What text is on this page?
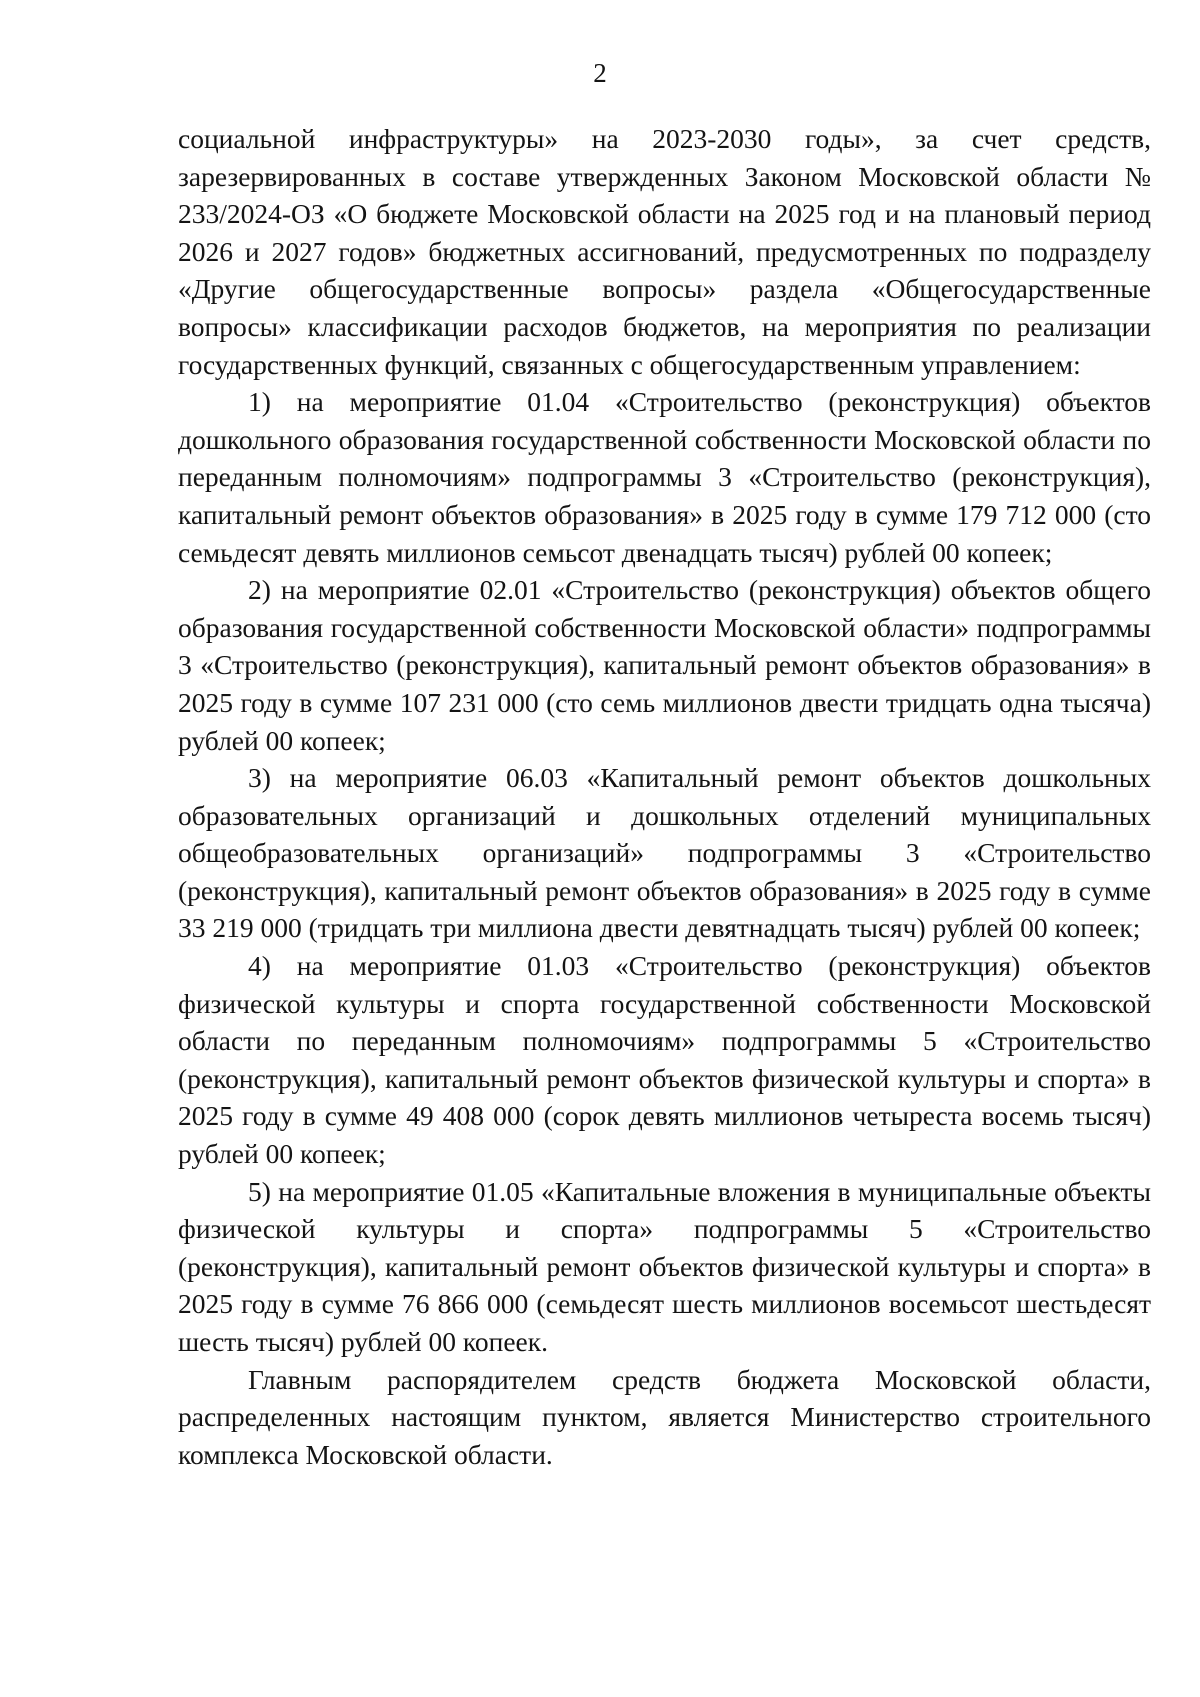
2

социальной инфраструктуры» на 2023-2030 годы», за счет средств, зарезервированных в составе утвержденных Законом Московской области № 233/2024-ОЗ «О бюджете Московской области на 2025 год и на плановый период 2026 и 2027 годов» бюджетных ассигнований, предусмотренных по подразделу «Другие общегосударственные вопросы» раздела «Общегосударственные вопросы» классификации расходов бюджетов, на мероприятия по реализации государственных функций, связанных с общегосударственным управлением:

1) на мероприятие 01.04 «Строительство (реконструкция) объектов дошкольного образования государственной собственности Московской области по переданным полномочиям» подпрограммы 3 «Строительство (реконструкция), капитальный ремонт объектов образования» в 2025 году в сумме 179 712 000 (сто семьдесят девять миллионов семьсот двенадцать тысяч) рублей 00 копеек;

2) на мероприятие 02.01 «Строительство (реконструкция) объектов общего образования государственной собственности Московской области» подпрограммы 3 «Строительство (реконструкция), капитальный ремонт объектов образования» в 2025 году в сумме 107 231 000 (сто семь миллионов двести тридцать одна тысяча) рублей 00 копеек;

3) на мероприятие 06.03 «Капитальный ремонт объектов дошкольных образовательных организаций и дошкольных отделений муниципальных общеобразовательных организаций» подпрограммы 3 «Строительство (реконструкция), капитальный ремонт объектов образования» в 2025 году в сумме 33 219 000 (тридцать три миллиона двести девятнадцать тысяч) рублей 00 копеек;

4) на мероприятие 01.03 «Строительство (реконструкция) объектов физической культуры и спорта государственной собственности Московской области по переданным полномочиям» подпрограммы 5 «Строительство (реконструкция), капитальный ремонт объектов физической культуры и спорта» в 2025 году в сумме 49 408 000 (сорок девять миллионов четыреста восемь тысяч) рублей 00 копеек;

5) на мероприятие 01.05 «Капитальные вложения в муниципальные объекты физической культуры и спорта» подпрограммы 5 «Строительство (реконструкция), капитальный ремонт объектов физической культуры и спорта» в 2025 году в сумме 76 866 000 (семьдесят шесть миллионов восемьсот шестьдесят шесть тысяч) рублей 00 копеек.

Главным распорядителем средств бюджета Московской области, распределенных настоящим пунктом, является Министерство строительного комплекса Московской области.
